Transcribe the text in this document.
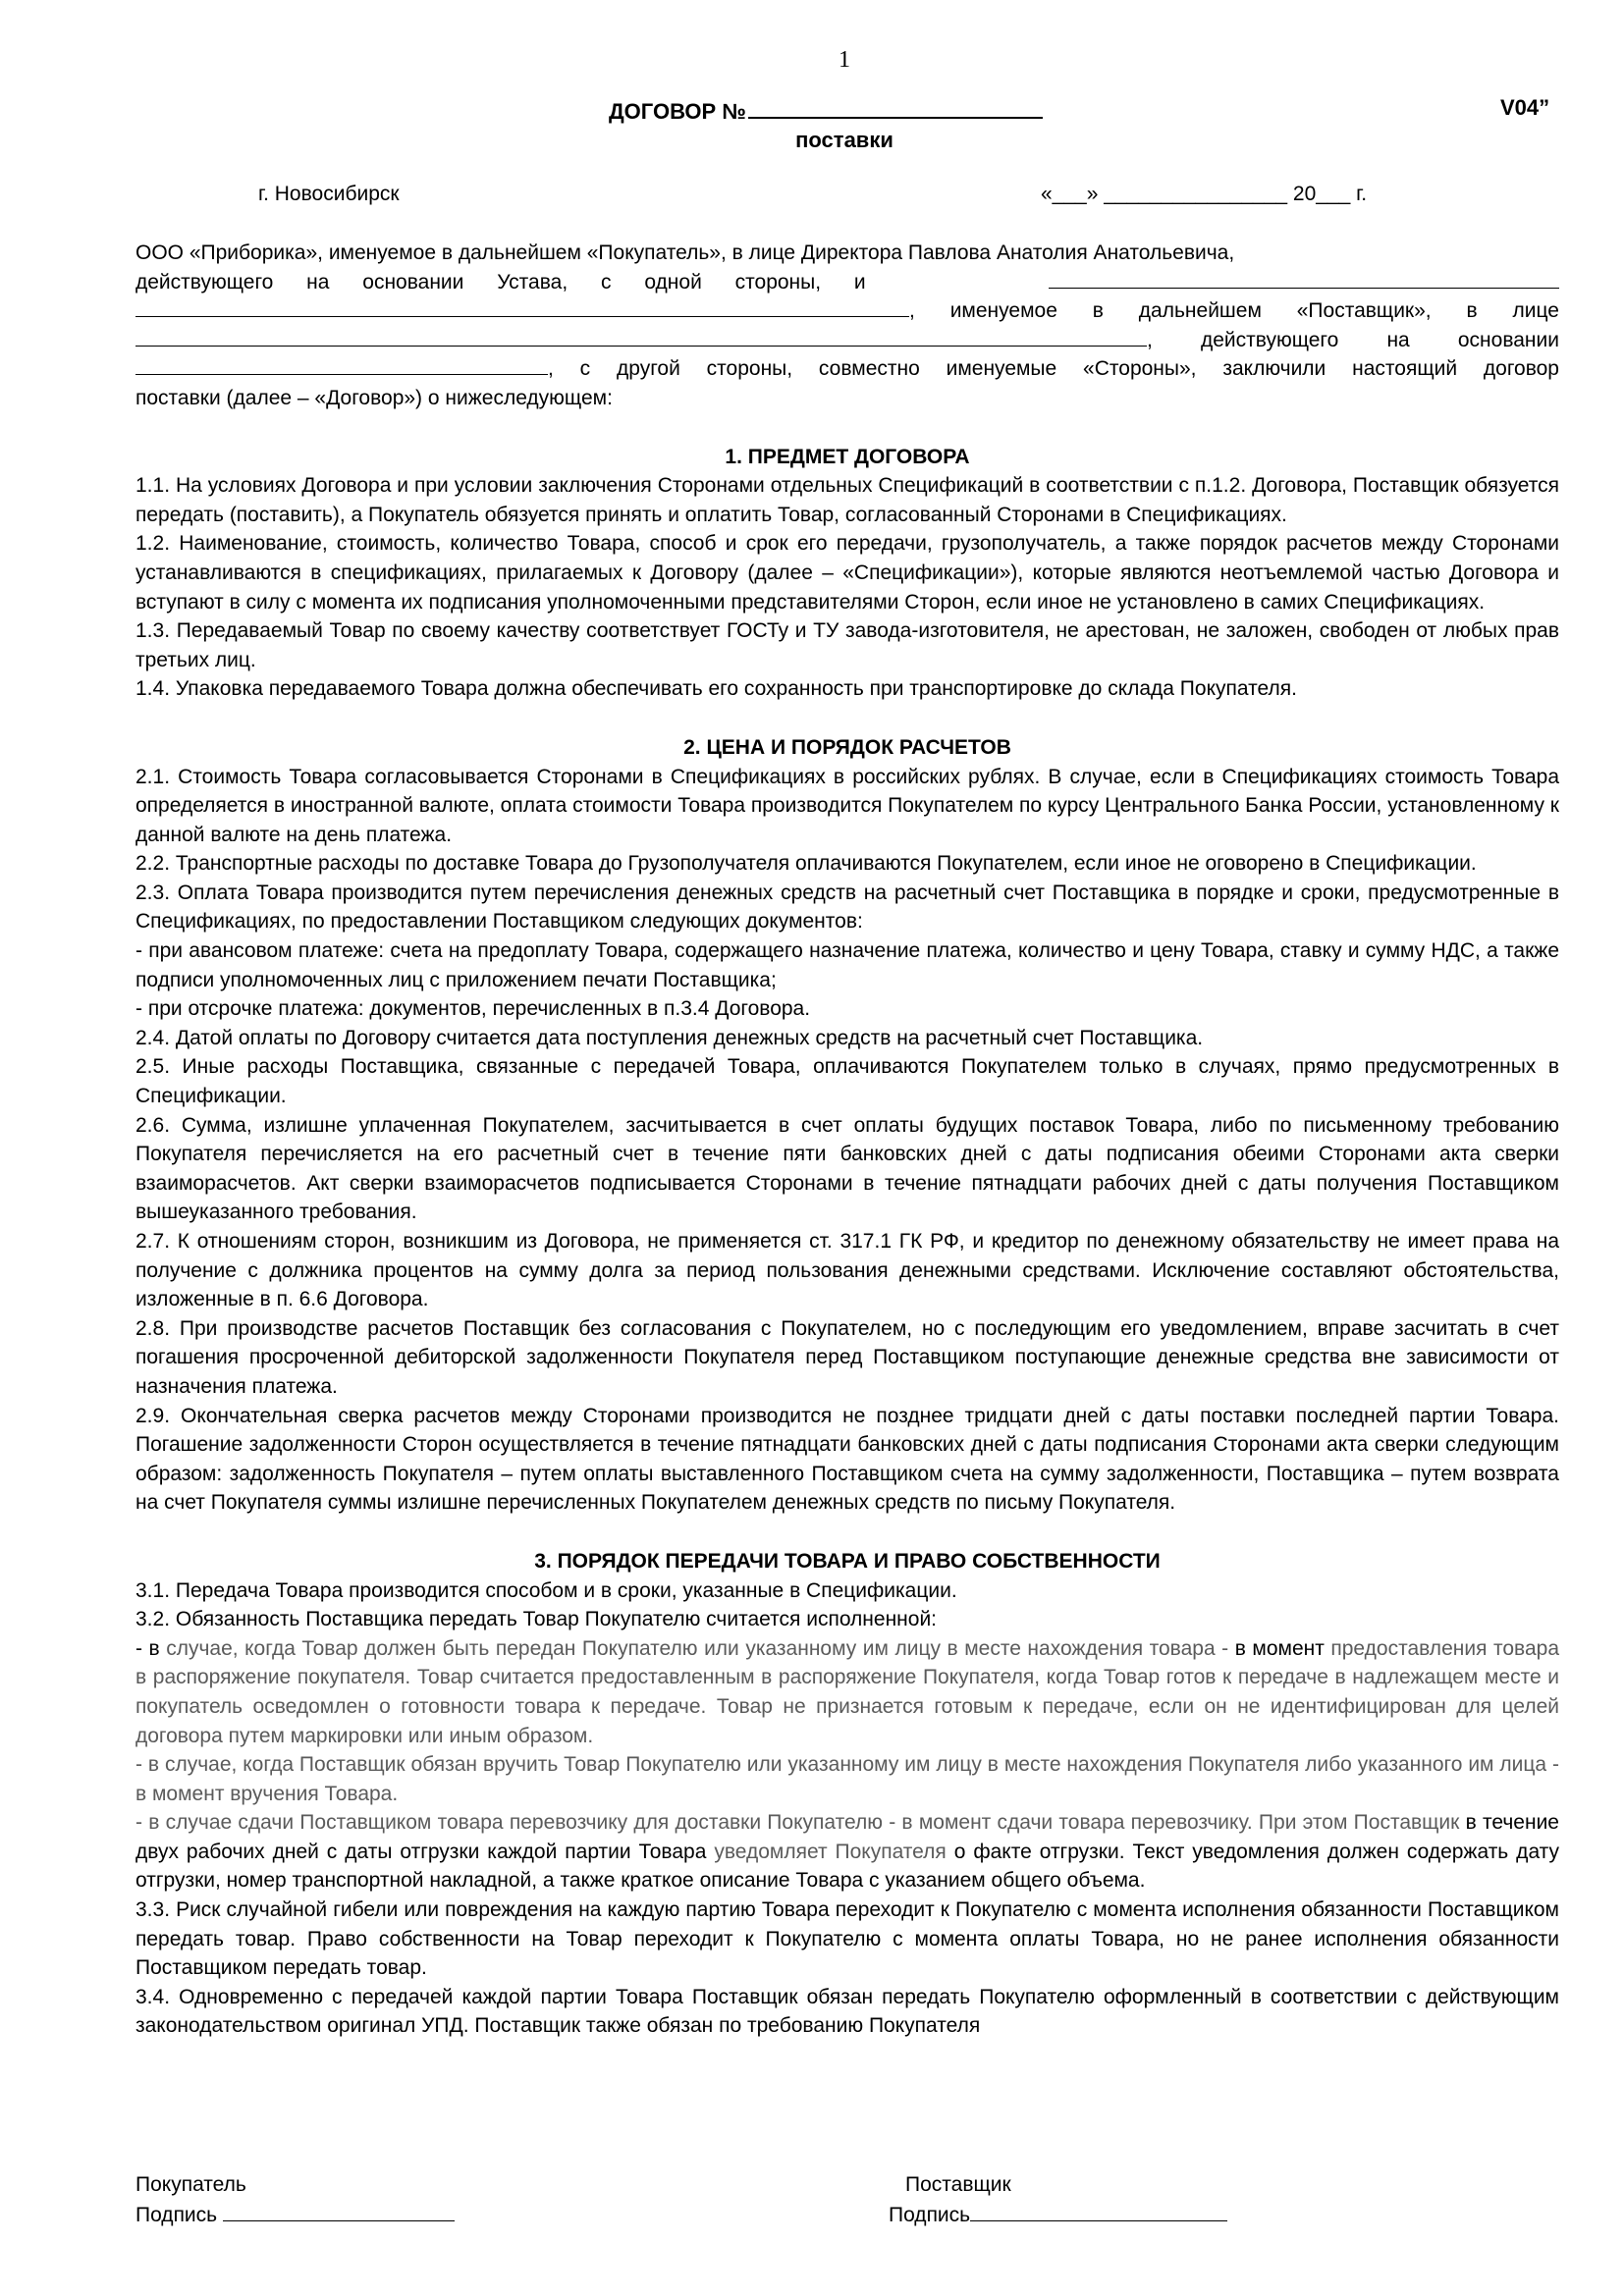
1
ДОГОВОР №	V04”
поставки
г. Новосибирск	«___» ________________ 20___ г.

ООО «Приборика», именуемое в дальнейшем «Покупатель», в лице Директора Павлова Анатолия Анатольевича,

действующего на основании Устава, с одной стороны, и
, именуемое в дальнейшем «Поставщик», в лице
, действующего на основании
, с другой стороны, совместно именуемые «Стороны», заключили настоящий договор
поставки (далее – «Договор») о нижеследующем:

1. ПРЕДМЕТ ДОГОВОРА

1.1. На условиях Договора и при условии заключения Сторонами отдельных Спецификаций в соответствии с п.1.2. Договора, Поставщик обязуется передать (поставить), а Покупатель обязуется принять и оплатить Товар, согласованный Сторонами в Спецификациях.

1.2. Наименование, стоимость, количество Товара, способ и срок его передачи, грузополучатель, а также порядок расчетов между Сторонами устанавливаются в спецификациях, прилагаемых к Договору (далее – «Спецификации»), которые являются неотъемлемой частью Договора и вступают в силу с момента их подписания уполномоченными представителями Сторон, если иное не установлено в самих Спецификациях.

1.3. Передаваемый Товар по своему качеству соответствует ГОСТу и ТУ завода-изготовителя, не арестован, не заложен, свободен от любых прав третьих лиц.

1.4. Упаковка передаваемого Товара должна обеспечивать его сохранность при транспортировке до склада Покупателя.

2. ЦЕНА И ПОРЯДОК РАСЧЕТОВ

2.1. Стоимость Товара согласовывается Сторонами в Спецификациях в российских рублях. В случае, если в Спецификациях стоимость Товара определяется в иностранной валюте, оплата стоимости Товара производится Покупателем по курсу Центрального Банка России, установленному к данной валюте на день платежа.

2.2. Транспортные расходы по доставке Товара до Грузополучателя оплачиваются Покупателем, если иное не оговорено в Спецификации.

2.3. Оплата Товара производится путем перечисления денежных средств на расчетный счет Поставщика в порядке и сроки, предусмотренные в Спецификациях, по предоставлении Поставщиком следующих документов:

- при авансовом платеже: счета на предоплату Товара, содержащего назначение платежа, количество и цену Товара, ставку и сумму НДС, а также подписи уполномоченных лиц с приложением печати Поставщика;

- при отсрочке платежа: документов, перечисленных в п.3.4 Договора.

2.4. Датой оплаты по Договору считается дата поступления денежных средств на расчетный счет Поставщика.

2.5. Иные расходы Поставщика, связанные с передачей Товара, оплачиваются Покупателем только в случаях, прямо предусмотренных в Спецификации.

2.6. Сумма, излишне уплаченная Покупателем, засчитывается в счет оплаты будущих поставок Товара, либо по письменному требованию Покупателя перечисляется на его расчетный счет в течение пяти банковских дней с даты подписания обеими Сторонами акта сверки взаиморасчетов. Акт сверки взаиморасчетов подписывается Сторонами в течение пятнадцати рабочих дней с даты получения Поставщиком вышеуказанного требования.

2.7. К отношениям сторон, возникшим из Договора, не применяется ст. 317.1 ГК РФ, и кредитор по денежному обязательству не имеет права на получение с должника процентов на сумму долга за период пользования денежными средствами. Исключение составляют обстоятельства, изложенные в п. 6.6 Договора.

2.8. При производстве расчетов Поставщик без согласования с Покупателем, но с последующим его уведомлением, вправе засчитать в счет погашения просроченной дебиторской задолженности Покупателя перед Поставщиком поступающие денежные средства вне зависимости от назначения платежа.

2.9. Окончательная сверка расчетов между Сторонами производится не позднее тридцати дней с даты поставки последней партии Товара. Погашение задолженности Сторон осуществляется в течение пятнадцати банковских дней с даты подписания Сторонами акта сверки следующим образом: задолженность Покупателя – путем оплаты выставленного Поставщиком счета на сумму задолженности, Поставщика – путем возврата на счет Покупателя суммы излишне перечисленных Покупателем денежных средств по письму Покупателя.

3. ПОРЯДОК ПЕРЕДАЧИ ТОВАРА И ПРАВО СОБСТВЕННОСТИ

3.1. Передача Товара производится способом и в сроки, указанные в Спецификации.

3.2. Обязанность Поставщика передать Товар Покупателю считается исполненной:

- в случае, когда Товар должен быть передан Покупателю или указанному им лицу в месте нахождения товара - в момент предоставления товара в распоряжение покупателя. Товар считается предоставленным в распоряжение Покупателя, когда Товар готов к передаче в надлежащем месте и покупатель осведомлен о готовности товара к передаче. Товар не признается готовым к передаче, если он не идентифицирован для целей договора путем маркировки или иным образом.

- в случае, когда Поставщик обязан вручить Товар Покупателю или указанному им лицу в месте нахождения Покупателя либо указанного им лица - в момент вручения Товара.

- в случае сдачи Поставщиком товара перевозчику для доставки Покупателю - в момент сдачи товара перевозчику. При этом Поставщик в течение двух рабочих дней с даты отгрузки каждой партии Товара уведомляет Покупателя о факте отгрузки. Текст уведомления должен содержать дату отгрузки, номер транспортной накладной, а также краткое описание Товара с указанием общего объема.

3.3. Риск случайной гибели или повреждения на каждую партию Товара переходит к Покупателю с момента исполнения обязанности Поставщиком передать товар. Право собственности на Товар переходит к Покупателю с момента оплаты Товара, но не ранее исполнения обязанности Поставщиком передать товар.

3.4. Одновременно с передачей каждой партии Товара Поставщик обязан передать Покупателю оформленный в соответствии с действующим законодательством оригинал УПД. Поставщик также обязан по требованию Покупателя

Покупатель
Подпись
Поставщик
Подпись
